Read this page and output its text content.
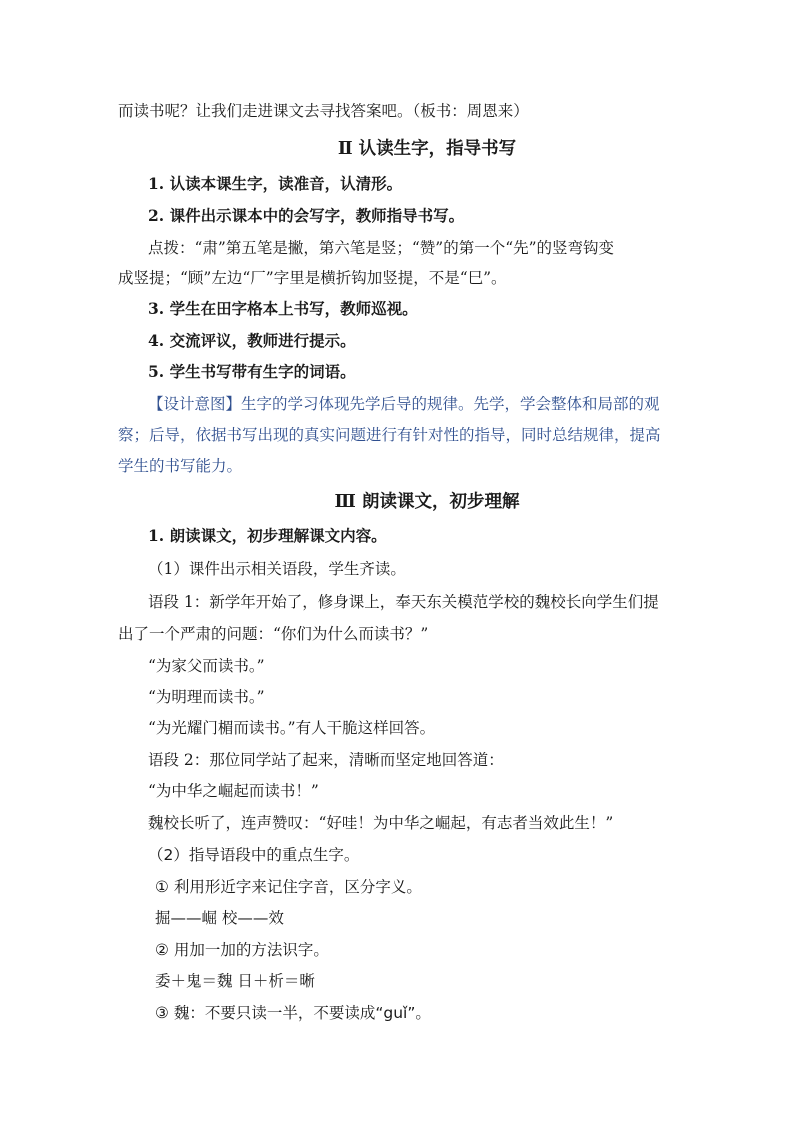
而读书呢？让我们走进课文去寻找答案吧。（板书：周恩来）
Ⅱ 认读生字，指导书写
1. 认读本课生字，读准音，认清形。
2. 课件出示课本中的会写字，教师指导书写。
点拨：“肃”第五笔是撇，第六笔是竖；“赞”的第一个“先”的竖弯钩变
成竖提；“顾”左边“厂”字里是横折钩加竖提，不是“巳”。
3. 学生在田字格本上书写，教师巡视。
4. 交流评议，教师进行提示。
5. 学生书写带有生字的词语。
【设计意图】生字的学习体现先学后导的规律。先学，学会整体和局部的观
察；后导，依据书写出现的真实问题进行有针对性的指导，同时总结规律，提高
学生的书写能力。
Ⅲ 朗读课文，初步理解
1. 朗读课文，初步理解课文内容。
（1）课件出示相关语段，学生齐读。
语段 1：新学年开始了，修身课上，奉天东关模范学校的魏校长向学生们提
出了一个严肃的问题：“你们为什么而读书？”
“为家父而读书。”
“为明理而读书。”
“为光耀门楣而读书。”有人干脆这样回答。
语段 2：那位同学站了起来，清晰而坚定地回答道：
“为中华之崛起而读书！”
魏校长听了，连声赞叹：“好哇！为中华之崛起，有志者当效此生！”
（2）指导语段中的重点生字。
① 利用形近字来记住字音，区分字义。
掘——崛 校——效
② 用加一加的方法识字。
委＋鬼＝魏 日＋析＝晰
③ 魏：不要只读一半，不要读成“guǐ”。
